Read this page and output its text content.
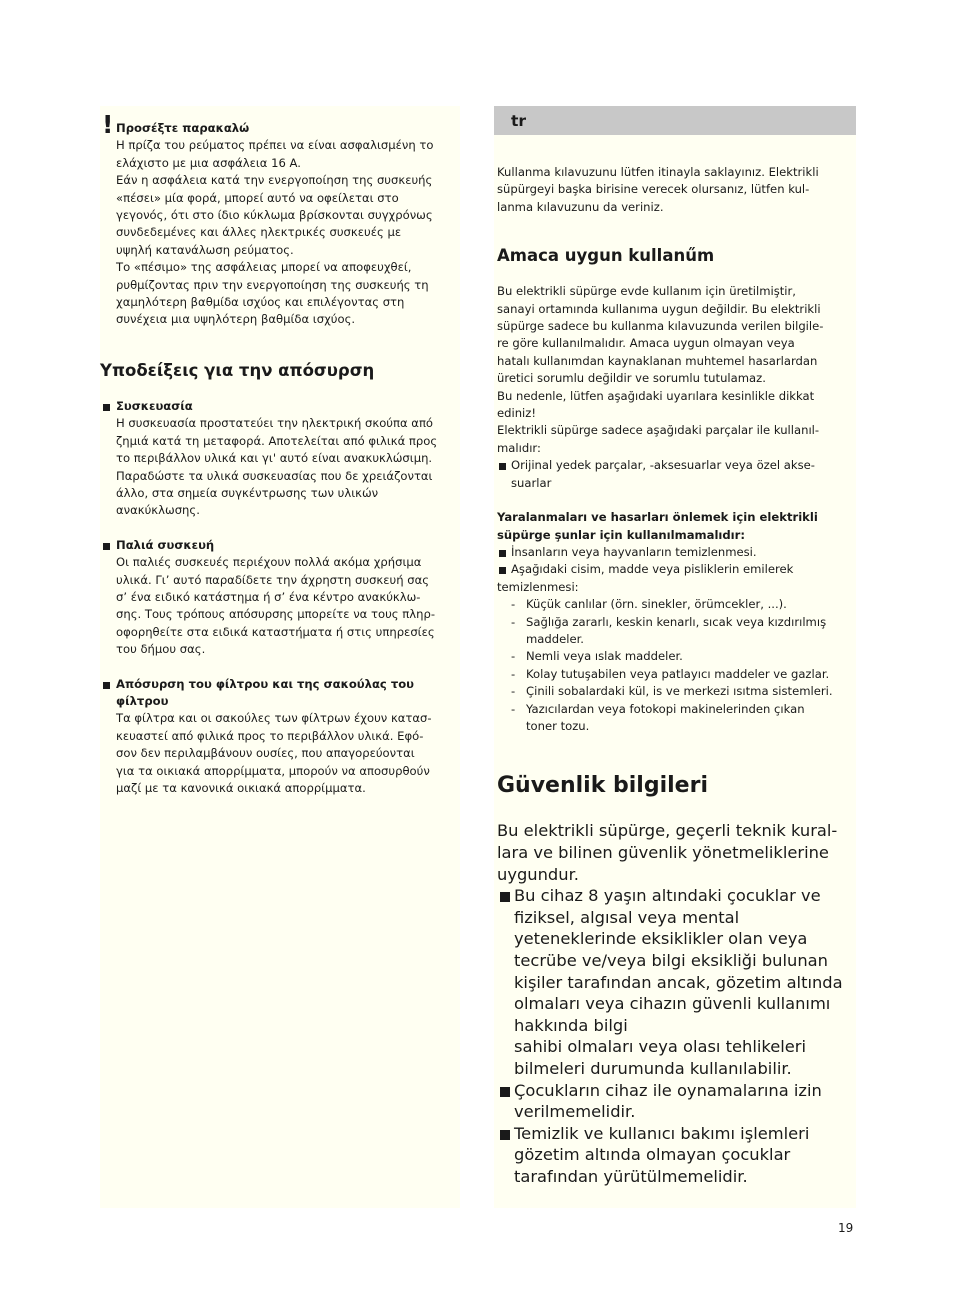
! Προσέξτε παρακαλώ
Η πρίζα του ρεύματος πρέπει να είναι ασφαλισμένη το
ελάχιστο με μια ασφάλεια 16 A.
Εάν η ασφάλεια κατά την ενεργοποίηση της συσκευής
«πέσει» μία φορά, μπορεί αυτό να οφείλεται στο
γεγονός, ότι στο ίδιο κύκλωμα βρίσκονται συγχρόνως
συνδεδεμένες και άλλες ηλεκτρικές συσκευές με
υψηλή κατανάλωση ρεύματος.
Το «πέσιμο» της ασφάλειας μπορεί να αποφευχθεί,
ρυθμίζοντας πριν την ενεργοποίηση της συσκευής τη
χαμηλότερη βαθμίδα ισχύος και επιλέγοντας στη
συνέχεια μια υψηλότερη βαθμίδα ισχύος.
Υποδείξεις για την απόσυρση
Συσκευασία
Η συσκευασία προστατεύει την ηλεκτρική σκούπα από
ζημιά κατά τη μεταφορά. Αποτελείται από φιλικά προς
το περιβάλλον υλικά και γι' αυτό είναι ανακυκλώσιμη.
Παραδώστε τα υλικά συσκευασίας που δε χρειάζονται
άλλο, στα σημεία συγκέντρωσης των υλικών
ανακύκλωσης.
Παλιά συσκευή
Οι παλιές συσκευές περιέχουν πολλά ακόμα χρήσιμα
υλικά. Γι’ αυτό παραδίδετε την άχρηστη συσκευή σας
σ’ ένα ειδικό κατάστημα ή σ’ ένα κέντρο ανακύκλω-
σης. Τους τρόπους απόσυρσης μπορείτε να τους πληρ-
οφορηθείτε στα ειδικά καταστήματα ή στις υπηρεσίες
του δήμου σας.
Απόσυρση του φίλτρου και της σακούλας του
φίλτρου
Τα φίλτρα και οι σακούλες των φίλτρων έχουν κατασ-
κευαστεί από φιλικά προς το περιβάλλον υλικά. Εφό-
σον δεν περιλαμβάνουν ουσίες, που απαγορεύονται
για τα οικιακά απορρίμματα, μπορούν να αποσυρθούν
μαζί με τα κανονικά οικιακά απορρίμματα.
Kullanma kılavuzunu lütfen itinayla saklayınız. Elektrikli
süpürgeyi başka birisine verecek olursanız, lütfen kul-
lanma kılavuzunu da veriniz.
Amaca uygun kullanűm
Bu elektrikli süpürge evde kullanım için üretilmiştir,
sanayi ortamında kullanıma uygun değildir. Bu elektrikli
süpürge sadece bu kullanma kılavuzunda verilen bilgile-
re göre kullanılmalıdır. Amaca uygun olmayan veya
hatalı kullanımdan kaynaklanan muhtemel hasarlardan
üretici sorumlu değildir ve sorumlu tutulamaz.
Bu nedenle, lütfen aşağıdaki uyarılara kesinlikle dikkat
ediniz!
Elektrikli süpürge sadece aşağıdaki parçalar ile kullanıl-
malıdır:
Orijinal yedek parçalar, -aksesuarlar veya özel akse-
suarlar
Yaralanmaları ve hasarları önlemek için elektrikli
süpürge şunlar için kullanılmamalıdır:
İnsanların veya hayvanların temizlenmesi.
Aşağıdaki cisim, madde veya pisliklerin emilerek
temizlenmesi:
- Küçük canlılar (örn. sinekler, örümcekler, ...).
- Sağlığa zararlı, keskin kenarlı, sıcak veya kızdırılmış
maddeler.
- Nemli veya ıslak maddeler.
- Kolay tutuşabilen veya patlayıcı maddeler ve gazlar.
- Çinili sobalardaki kül, is ve merkezi ısıtma sistemleri.
- Yazıcılardan veya fotokopi makinelerinden çıkan
toner tozu.
Güvenlik bilgileri
Bu elektrikli süpürge, geçerli teknik kural-
lara ve bilinen güvenlik yönetmeliklerine
uygundur.
Bu cihaz 8 yaşın altındaki çocuklar ve
fiziksel, algısal veya mental
yeteneklerinde eksiklikler olan veya
tecrübe ve/veya bilgi eksikliği bulunan
kişiler tarafından ancak, gözetim altında
olmaları veya cihazın güvenli kullanımı
hakkında bilgi
sahibi olmaları veya olası tehlikeleri
bilmeleri durumunda kullanılabilir.
Çocukların cihaz ile oynamalarına izin
verilmemelidir.
Temizlik ve kullanıcı bakımı işlemleri
gözetim altında olmayan çocuklar
tarafından yürütülmemelidir.
tr
19
